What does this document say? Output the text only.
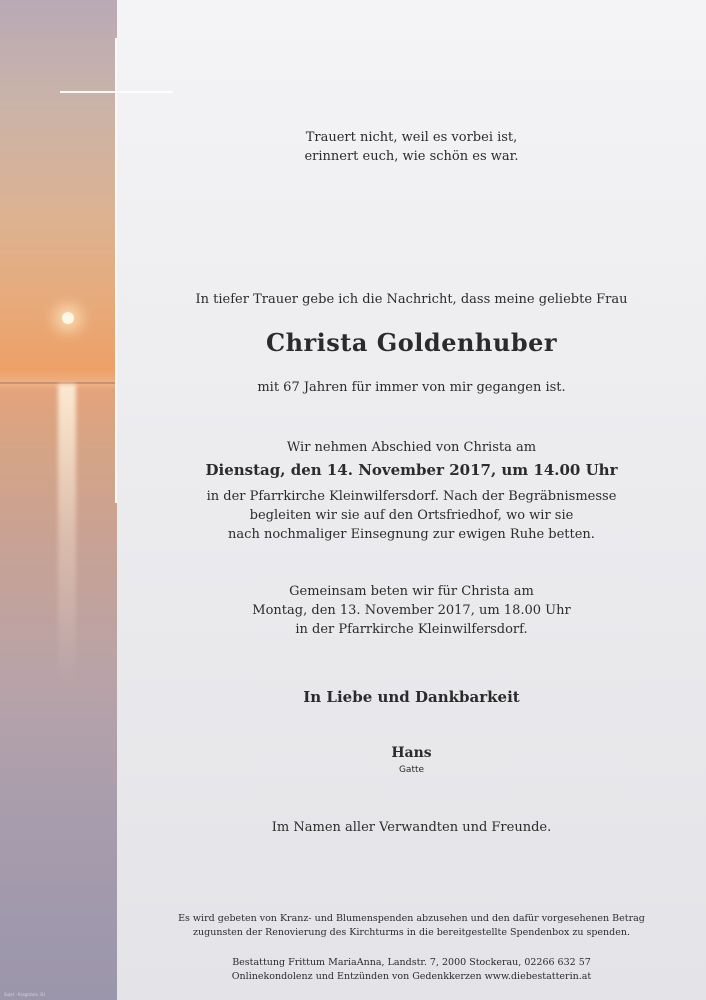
Sujet · Kreglstein 3U
Trauert nicht, weil es vorbei ist,
erinnert euch, wie schön es war.
In tiefer Trauer gebe ich die Nachricht, dass meine geliebte Frau
Christa Goldenhuber
mit 67 Jahren für immer von mir gegangen ist.
Wir nehmen Abschied von Christa am
Dienstag, den 14. November 2017, um 14.00 Uhr
in der Pfarrkirche Kleinwilfersdorf. Nach der Begräbnismesse
begleiten wir sie auf den Ortsfriedhof, wo wir sie
nach nochmaliger Einsegnung zur ewigen Ruhe betten.
Gemeinsam beten wir für Christa am
Montag, den 13. November 2017, um 18.00 Uhr
in der Pfarrkirche Kleinwilfersdorf.
In Liebe und Dankbarkeit
Hans
Gatte
Im Namen aller Verwandten und Freunde.
Es wird gebeten von Kranz- und Blumenspenden abzusehen und den dafür vorgesehenen Betrag
zugunsten der Renovierung des Kirchturms in die bereitgestellte Spendenbox zu spenden.
Bestattung Frittum MariaAnna, Landstr. 7, 2000 Stockerau, 02266 632 57
Onlinekondolenz und Entzünden von Gedenkkerzen www.diebestatterin.at
